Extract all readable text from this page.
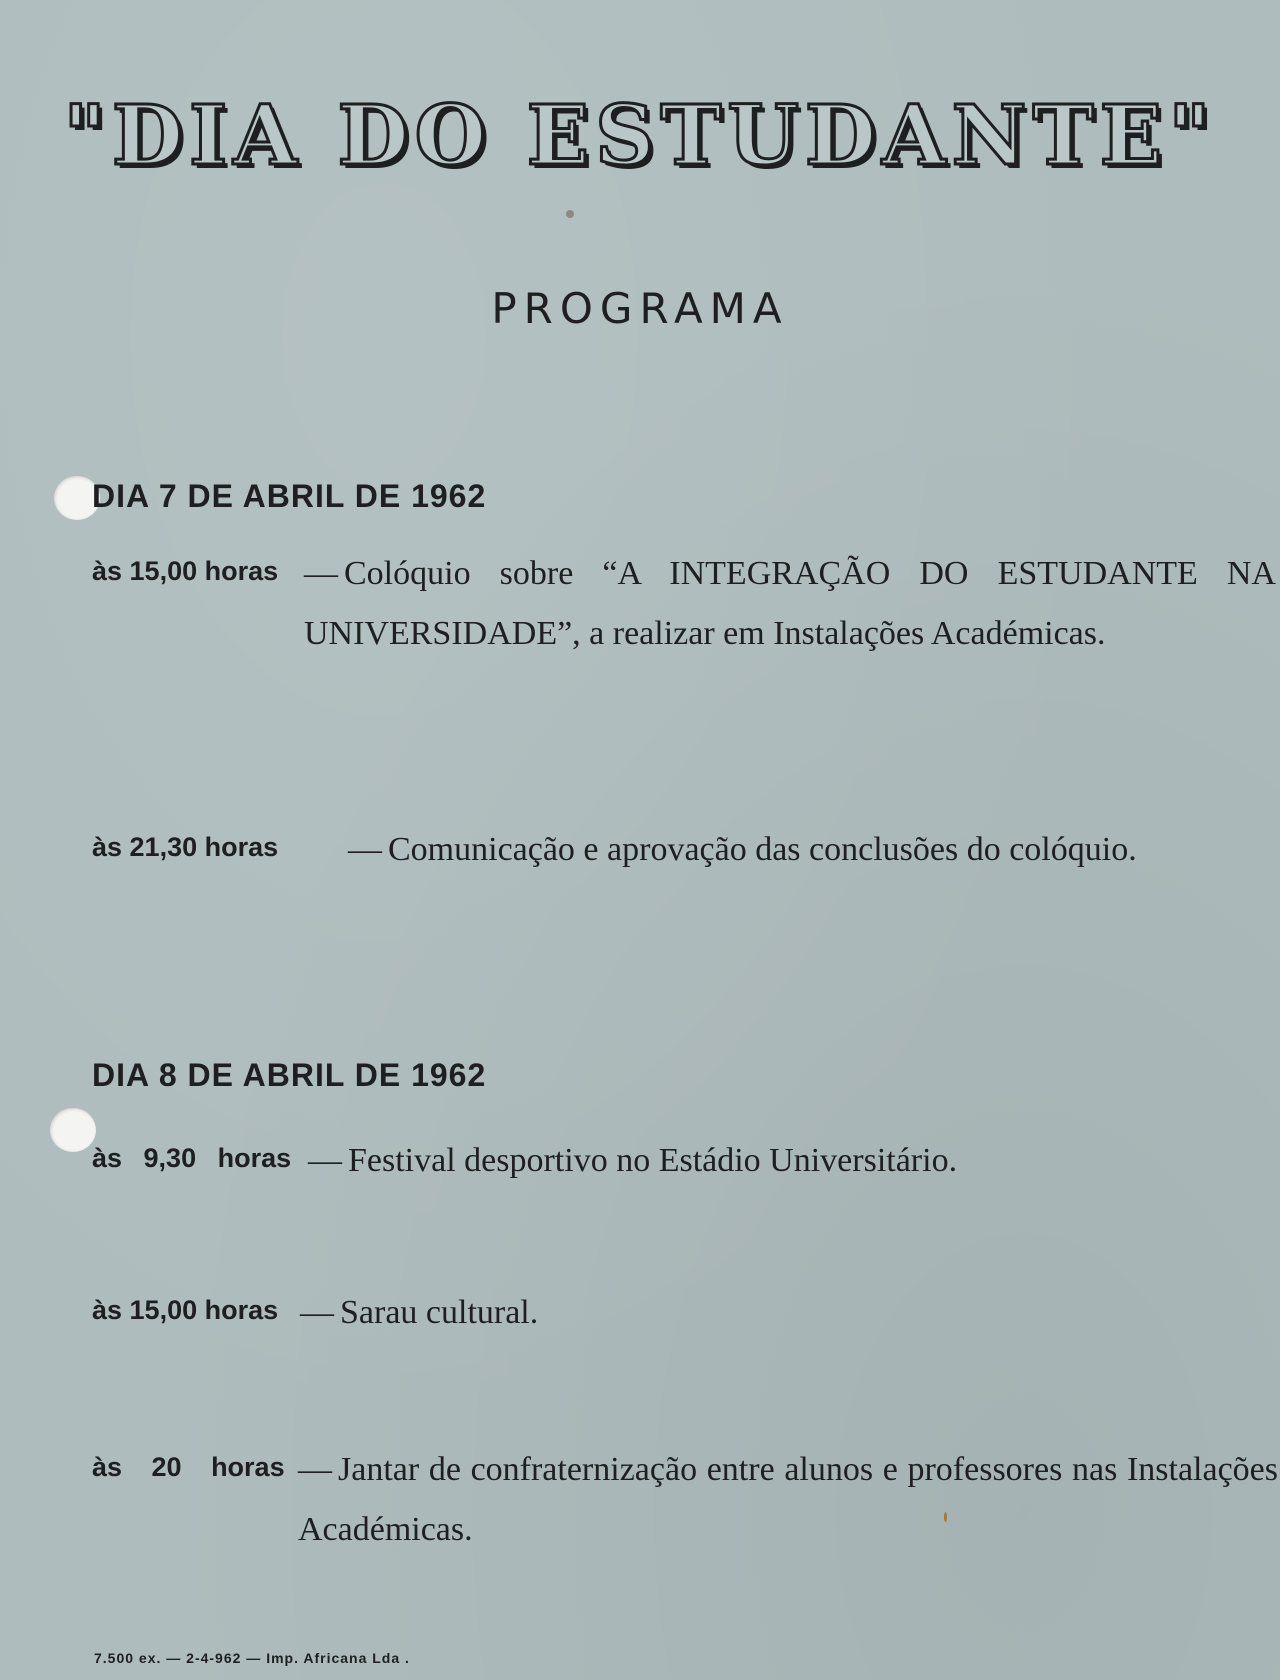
"DIA DO ESTUDANTE"
PROGRAMA
DIA 7 DE ABRIL DE 1962
às 15,00 horas — Colóquio sobre “A INTEGRAÇÃO DO ESTUDANTE NA UNIVERSIDADE”, a realizar em Instalações Académicas.
às 21,30 horas — Comunicação e aprovação das conclusões do colóquio.
DIA 8 DE ABRIL DE 1962
às 9,30 horas — Festival desportivo no Estádio Universitário.
às 15,00 horas — Sarau cultural.
às 20 horas — Jantar de confraternização entre alunos e professores nas Instalações Académicas.
7.500 ex. — 2-4-962 — Imp. Africana Lda .
